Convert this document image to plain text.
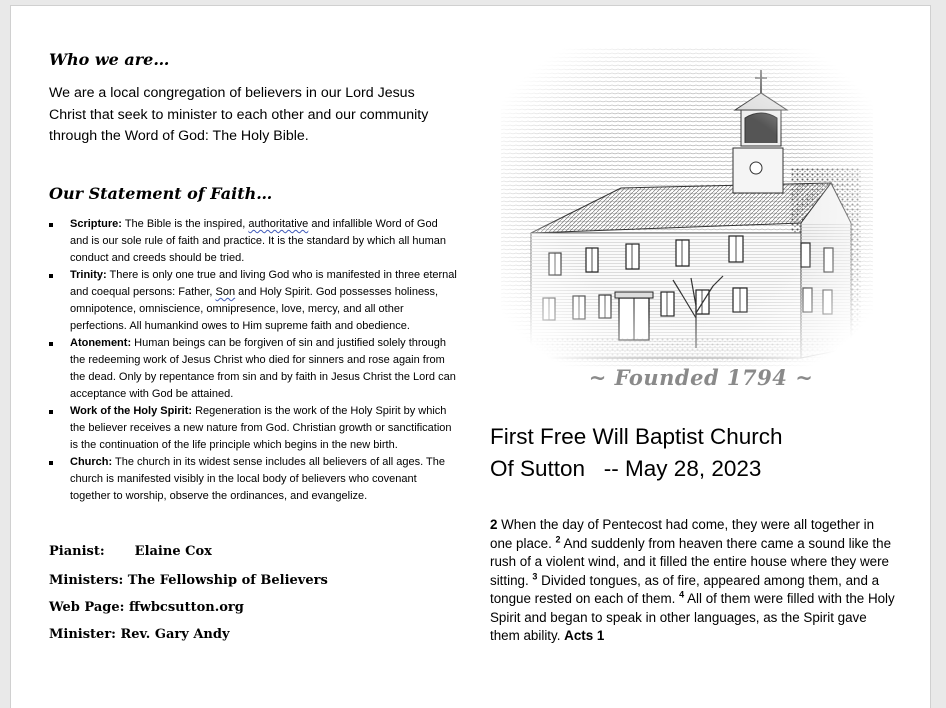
Who we are…

We are a local congregation of believers in our Lord Jesus Christ that seek to minister to each other and our community through the Word of God: The Holy Bible.

Our Statement of Faith…
Scripture: The Bible is the inspired, authoritative and infallible Word of God and is our sole rule of faith and practice. It is the standard by which all human conduct and creeds should be tried.
Trinity: There is only one true and living God who is manifested in three eternal and coequal persons: Father, Son and Holy Spirit. God possesses holiness, omnipotence, omniscience, omnipresence, love, mercy, and all other perfections. All humankind owes to Him supreme faith and obedience.
Atonement: Human beings can be forgiven of sin and justified solely through the redeeming work of Jesus Christ who died for sinners and rose again from the dead. Only by repentance from sin and by faith in Jesus Christ the Lord can acceptance with God be attained.
Work of the Holy Spirit: Regeneration is the work of the Holy Spirit by which the believer receives a new nature from God. Christian growth or sanctification is the continuation of the life principle which begins in the new birth.
Church: The church in its widest sense includes all believers of all ages. The church is manifested visibly in the local body of believers who covenant together to worship, observe the ordinances, and evangelize.

Pianist: Elaine Cox

Ministers: The Fellowship of Believers

Web Page: ffwbcsutton.org

Minister: Rev. Gary Andy

~ Founded 1794 ~

First Free Will Baptist Church
Of Sutton   -- May 28, 2023

2 When the day of Pentecost had come, they were all together in one place. $^2$ And suddenly from heaven there came a sound like the rush of a violent wind, and it filled the entire house where they were sitting. $^3$ Divided tongues, as of fire, appeared among them, and a tongue rested on each of them. $^4$ All of them were filled with the Holy Spirit and began to speak in other languages, as the Spirit gave them ability. Acts 1
